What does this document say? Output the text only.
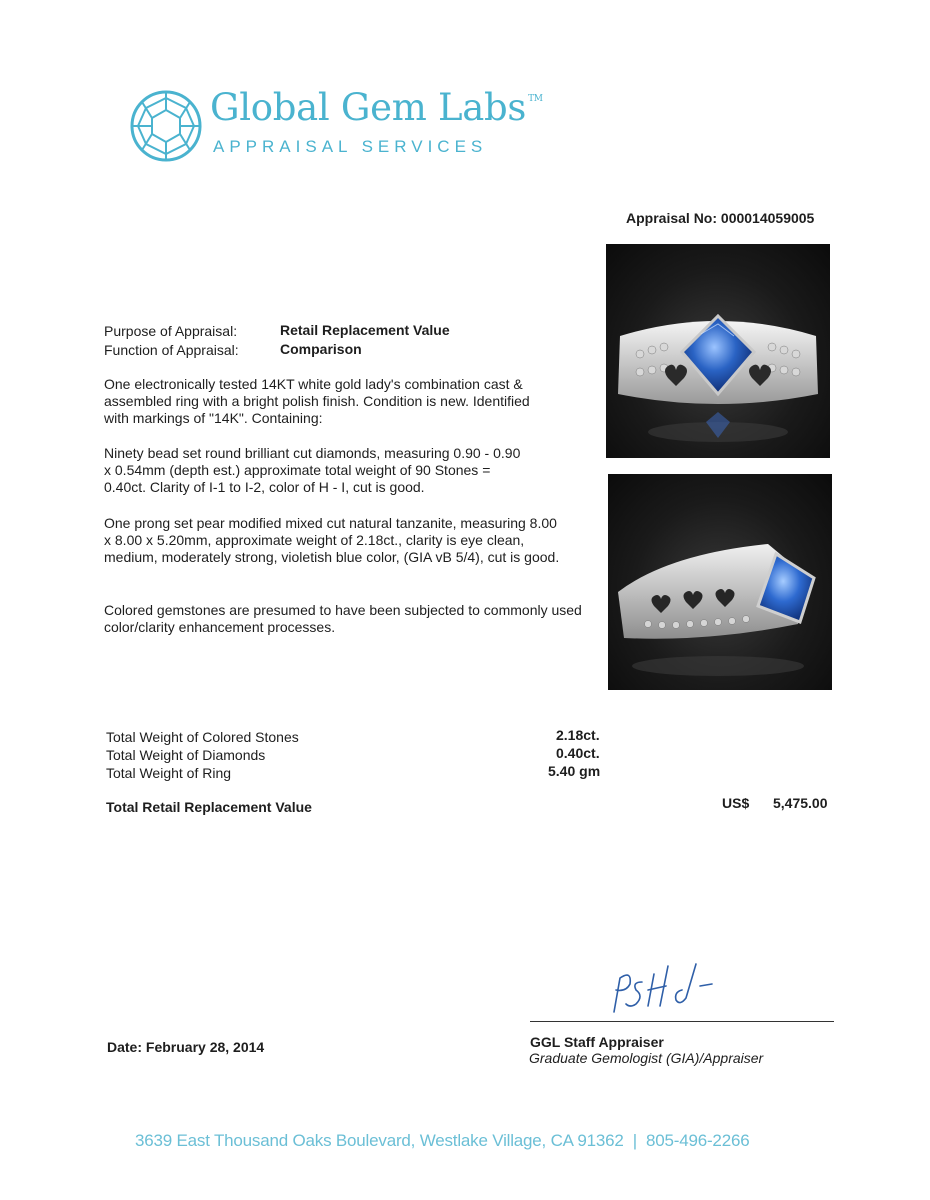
Global Gem Labs ™
APPRAISAL SERVICES
Appraisal No: 000014059005
Purpose of Appraisal:	Retail Replacement Value
Function of Appraisal:	Comparison
One electronically tested 14KT white gold lady's combination cast & assembled ring with a bright polish finish. Condition is new. Identified with markings of "14K". Containing:
Ninety bead set round brilliant cut diamonds, measuring 0.90 - 0.90 x 0.54mm (depth est.) approximate total weight of 90 Stones = 0.40ct. Clarity of I-1 to I-2, color of H - I, cut is good.
One prong set pear modified mixed cut natural tanzanite, measuring 8.00 x 8.00 x 5.20mm, approximate weight of 2.18ct., clarity is eye clean, medium, moderately strong, violetish blue color, (GIA vB 5/4), cut is good.
Colored gemstones are presumed to have been subjected to commonly used color/clarity enhancement processes.
Total Weight of Colored Stones	2.18ct.
Total Weight of Diamonds	0.40ct.
Total Weight of Ring	5.40 gm
Total Retail Replacement Value	US$ 5,475.00
GGL Staff Appraiser
Graduate Gemologist (GIA)/Appraiser
Date: February 28, 2014
3639 East Thousand Oaks Boulevard, Westlake Village, CA 91362  |  805-496-2266
